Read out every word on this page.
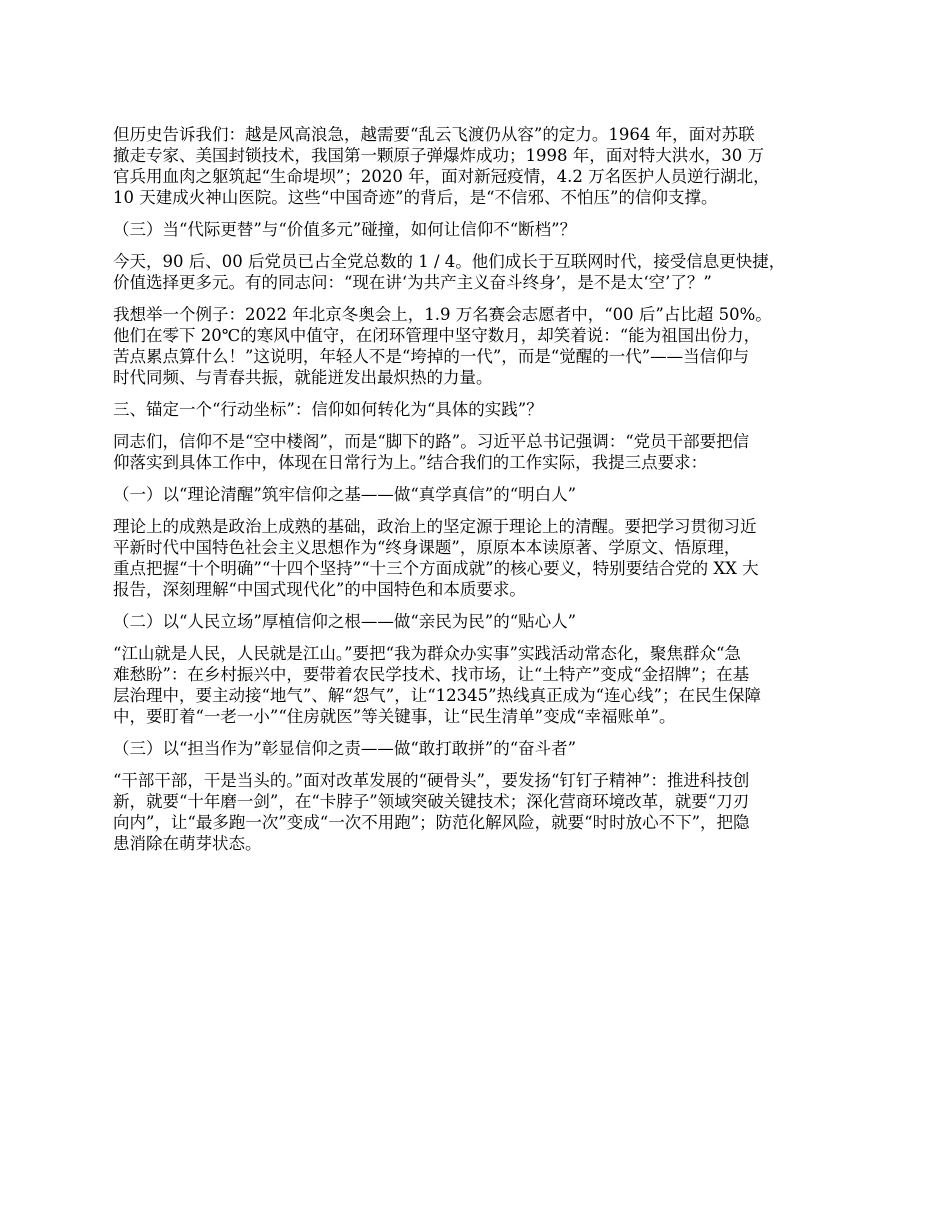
但历史告诉我们：越是风高浪急，越需要“乱云飞渡仍从容”的定力。1964 年，面对苏联
撤走专家、美国封锁技术，我国第一颗原子弹爆炸成功；1998 年，面对特大洪水，30 万
官兵用血肉之躯筑起“生命堤坝”；2020 年，面对新冠疫情，4.2 万名医护人员逆行湖北，
10 天建成火神山医院。这些“中国奇迹”的背后，是“不信邪、不怕压”的信仰支撑。
（三）当“代际更替”与“价值多元”碰撞，如何让信仰不“断档”？
今天，90 后、00 后党员已占全党总数的 1 / 4。他们成长于互联网时代，接受信息更快捷，
价值选择更多元。有的同志问：“现在讲‘为共产主义奋斗终身’，是不是太‘空’了？”
我想举一个例子：2022 年北京冬奥会上，1.9 万名赛会志愿者中，“00 后”占比超 50%。
他们在零下 20℃的寒风中值守，在闭环管理中坚守数月，却笑着说：“能为祖国出份力，
苦点累点算什么！”这说明，年轻人不是“垮掉的一代”，而是“觉醒的一代”——当信仰与
时代同频、与青春共振，就能迸发出最炽热的力量。
三、锚定一个“行动坐标”：信仰如何转化为“具体的实践”？
同志们，信仰不是“空中楼阁”，而是“脚下的路”。习近平总书记强调：“党员干部要把信
仰落实到具体工作中，体现在日常行为上。”结合我们的工作实际，我提三点要求：
（一）以“理论清醒”筑牢信仰之基——做“真学真信”的“明白人”
理论上的成熟是政治上成熟的基础，政治上的坚定源于理论上的清醒。要把学习贯彻习近
平新时代中国特色社会主义思想作为“终身课题”，原原本本读原著、学原文、悟原理，
重点把握“十个明确”“十四个坚持”“十三个方面成就”的核心要义，特别要结合党的 XX 大
报告，深刻理解“中国式现代化”的中国特色和本质要求。
（二）以“人民立场”厚植信仰之根——做“亲民为民”的“贴心人”
“江山就是人民，人民就是江山。”要把“我为群众办实事”实践活动常态化，聚焦群众“急
难愁盼”：在乡村振兴中，要带着农民学技术、找市场，让“土特产”变成“金招牌”；在基
层治理中，要主动接“地气”、解“怨气”，让“12345”热线真正成为“连心线”；在民生保障
中，要盯着“一老一小”“住房就医”等关键事，让“民生清单”变成“幸福账单”。
（三）以“担当作为”彰显信仰之责——做“敢打敢拼”的“奋斗者”
“干部干部，干是当头的。”面对改革发展的“硬骨头”，要发扬“钉钉子精神”：推进科技创
新，就要“十年磨一剑”，在“卡脖子”领域突破关键技术；深化营商环境改革，就要“刀刃
向内”，让“最多跑一次”变成“一次不用跑”；防范化解风险，就要“时时放心不下”，把隐
患消除在萌芽状态。
